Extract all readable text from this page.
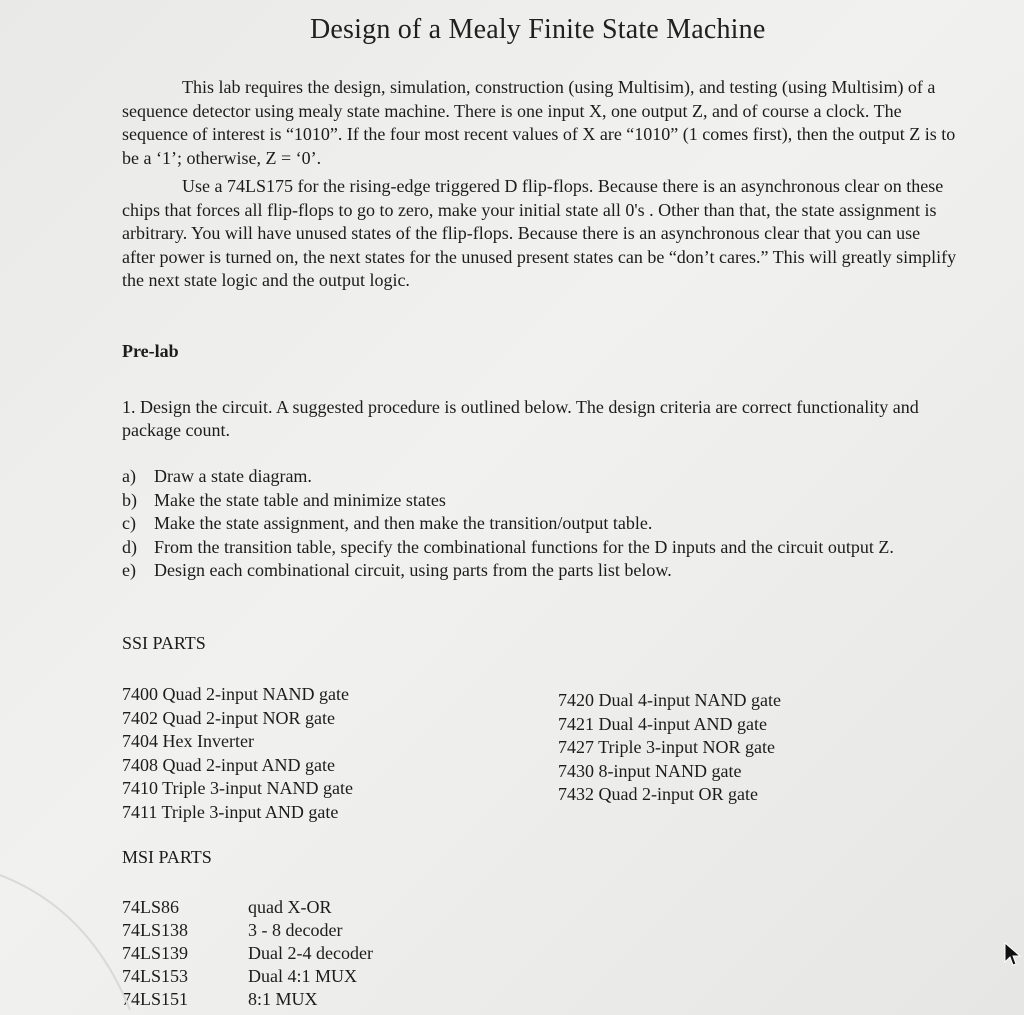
Design of a Mealy Finite State Machine
This lab requires the design, simulation, construction (using Multisim), and testing (using Multisim) of a sequence detector using mealy state machine. There is one input X, one output Z, and of course a clock. The sequence of interest is “1010”. If the four most recent values of X are “1010” (1 comes first), then the output Z is to be a ‘1’; otherwise, Z = ‘0’.
Use a 74LS175 for the rising-edge triggered D flip-flops. Because there is an asynchronous clear on these chips that forces all flip-flops to go to zero, make your initial state all 0's . Other than that, the state assignment is arbitrary. You will have unused states of the flip-flops. Because there is an asynchronous clear that you can use after power is turned on, the next states for the unused present states can be “don’t cares.” This will greatly simplify the next state logic and the output logic.
Pre-lab
1. Design the circuit. A suggested procedure is outlined below. The design criteria are correct functionality and package count.
a)	Draw a state diagram.
b) Make the state table and minimize states
c)	Make the state assignment, and then make the transition/output table.
d) From the transition table, specify the combinational functions for the D inputs and the circuit output Z.
e)	Design each combinational circuit, using parts from the parts list below.
SSI PARTS
7400 Quad 2-input NAND gate
7402 Quad 2-input NOR gate
7404 Hex Inverter
7408 Quad 2-input AND gate
7410 Triple 3-input NAND gate
7411 Triple 3-input AND gate
7420 Dual 4-input NAND gate
7421 Dual 4-input AND gate
7427 Triple 3-input NOR gate
7430 8-input NAND gate
7432 Quad 2-input OR gate
MSI PARTS
74LS86	quad X-OR
74LS138	3 - 8 decoder
74LS139	Dual 2-4 decoder
74LS153	Dual 4:1 MUX
74LS151	8:1 MUX
